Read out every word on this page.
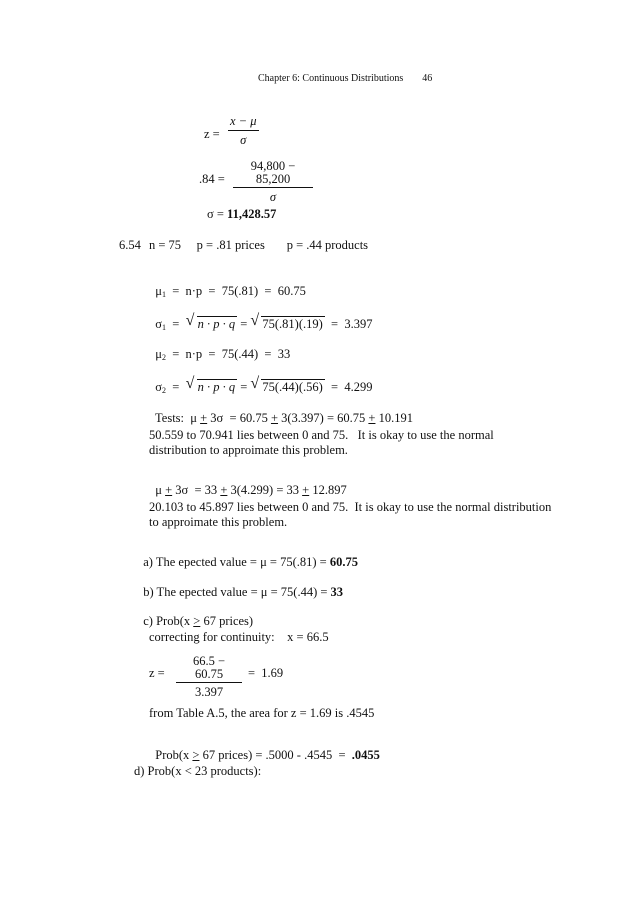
Chapter 6: Continuous Distributions 46
$z = \frac{x - \mu}{\sigma}$
$.84 = \frac{94,800 - 85,200}{\sigma}$
σ = 11,428.57
6.54 n = 75     p = .81 prices       p = .44 products

$\mu_1 = n\cdot p = 75(.81) = 60.75$

$\sigma_1$  =  √ n · p · q = √ 75(.81)(.19)  =  3.397

$\mu_2 = n\cdot p = 75(.44) = 33$

$\sigma_2$  =  √ n · p · q = √ 75(.44)(.56)  =  4.299

Tests:  μ + 3σ  = 60.75 + 3(3.397) = 60.75 + 10.191

50.559 to 70.941 lies between 0 and 75.   It is okay to use the normal
distribution to approimate this problem.

μ + 3σ  = 33 + 3(4.299) = 33 + 12.897

20.103 to 45.897 lies between 0 and 75.  It is okay to use the normal distribution
to approimate this problem.

a) The epected value = μ = 75(.81) = 60.75

b) The epected value = μ = 75(.44) = 33

c) Prob(x > 67 prices)

correcting for continuity:    x = 66.5
$z = \frac{66.5 - 60.75}{3.397} = 1.69$
from Table A.5, the area for z = 1.69 is .4545

Prob(x > 67 prices) = .5000 - .4545  =  .0455

d) Prob(x < 23 products):
